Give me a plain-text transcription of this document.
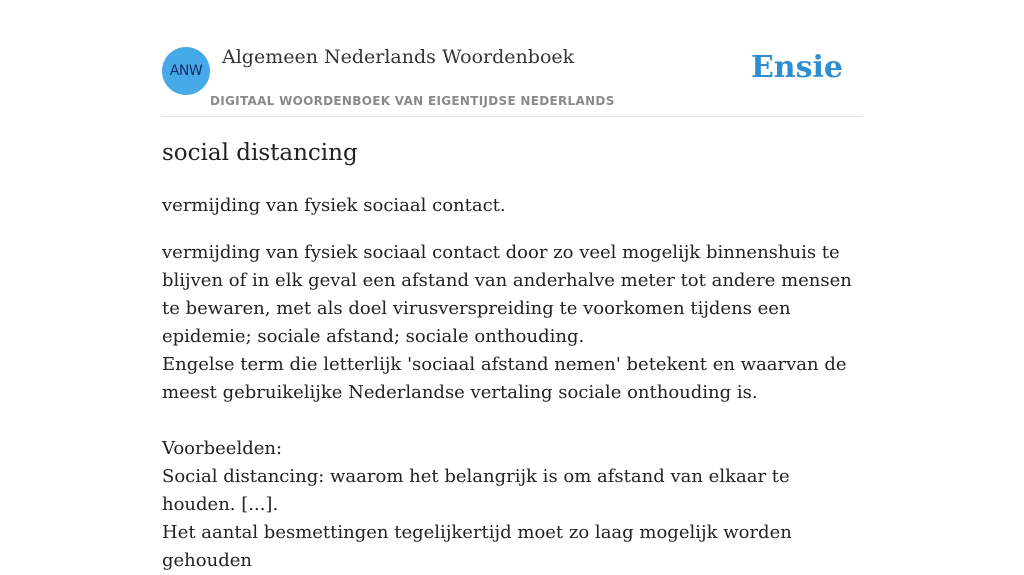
ANW
Algemeen Nederlands Woordenboek
DIGITAAL WOORDENBOEK VAN EIGENTIJDSE NEDERLANDS
Ensie
social distancing
vermijding van fysiek sociaal contact.

vermijding van fysiek sociaal contact door zo veel mogelijk binnenshuis te blijven of in elk geval een afstand van anderhalve meter tot andere mensen te bewaren, met als doel virusverspreiding te voorkomen tijdens een epidemie; sociale afstand; sociale onthouding.

Engelse term die letterlijk 'sociaal afstand nemen' betekent en waarvan de meest gebruikelijke Nederlandse vertaling sociale onthouding is.

Voorbeelden:

Social distancing: waarom het belangrijk is om afstand van elkaar te houden. [...].

Het aantal besmettingen tegelijkertijd moet zo laag mogelijk worden gehouden
